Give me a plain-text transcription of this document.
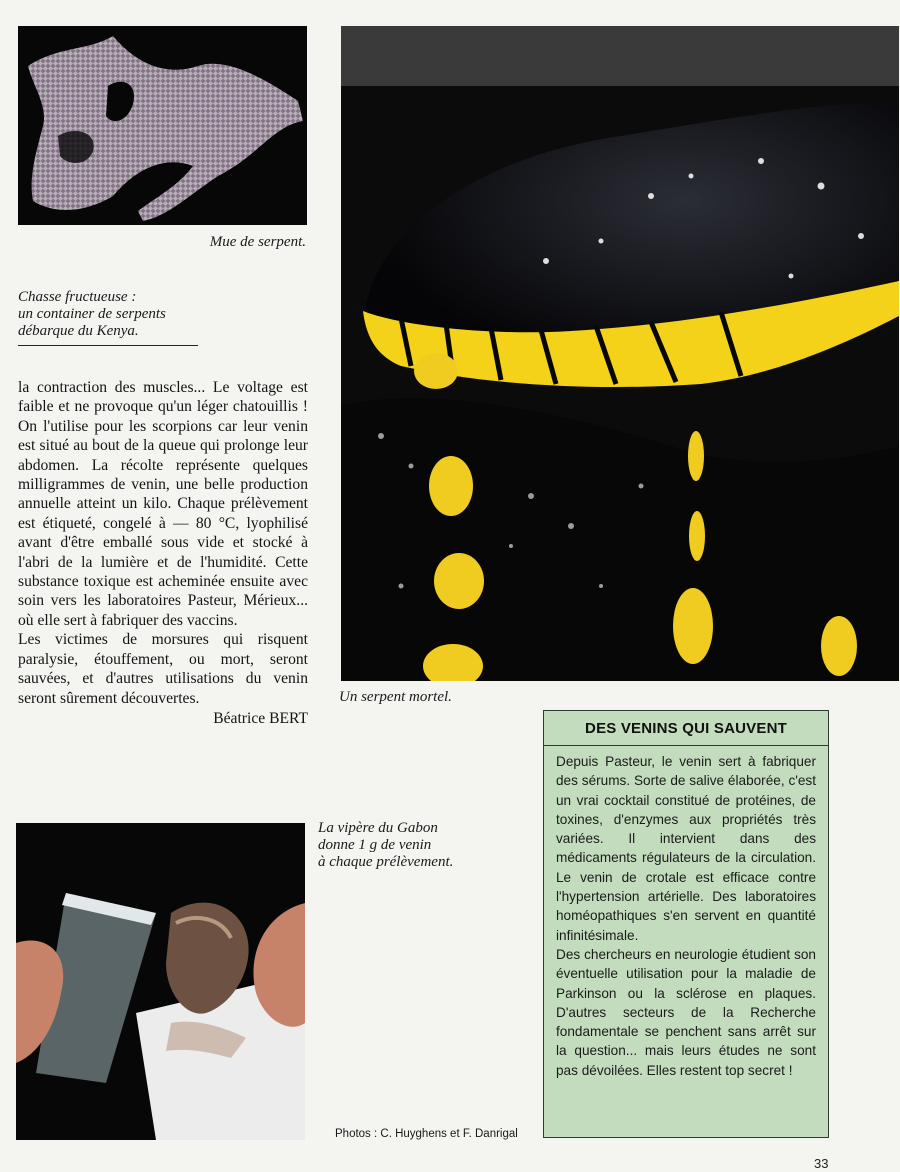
Mue de serpent.
Chasse fructueuse :
un container de serpents
débarque du Kenya.
Un serpent mortel.
La vipère du Gabon
donne 1 g de venin
à chaque prélèvement.

la contraction des muscles... Le voltage est faible et ne provoque qu'un léger chatouillis ! On l'utilise pour les scorpions car leur venin est situé au bout de la queue qui prolonge leur abdomen. La récolte représente quelques milligrammes de venin, une belle production annuelle atteint un kilo. Chaque prélèvement est étiqueté, congelé à — 80 °C, lyophilisé avant d'être emballé sous vide et stocké à l'abri de la lumière et de l'humidité. Cette substance toxique est acheminée ensuite avec soin vers les laboratoires Pasteur, Mérieux... où elle sert à fabriquer des vaccins.

Les victimes de morsures qui risquent paralysie, étouffement, ou mort, seront sauvées, et d'autres utilisations du venin seront sûrement découvertes.

Béatrice BERT

DES VENINS QUI SAUVENT

Depuis Pasteur, le venin sert à fabriquer des sérums. Sorte de salive élaborée, c'est un vrai cocktail constitué de protéines, de toxines, d'enzymes aux propriétés très variées. Il intervient dans des médicaments régulateurs de la circulation. Le venin de crotale est efficace contre l'hypertension artérielle. Des laboratoires homéopathiques s'en servent en quantité infinitésimale.

Des chercheurs en neurologie étudient son éventuelle utilisation pour la maladie de Parkinson ou la sclérose en plaques. D'autres secteurs de la Recherche fondamentale se penchent sans arrêt sur la question... mais leurs études ne sont pas dévoilées. Elles restent top secret !

Photos : C. Huyghens et F. Danrigal
33
